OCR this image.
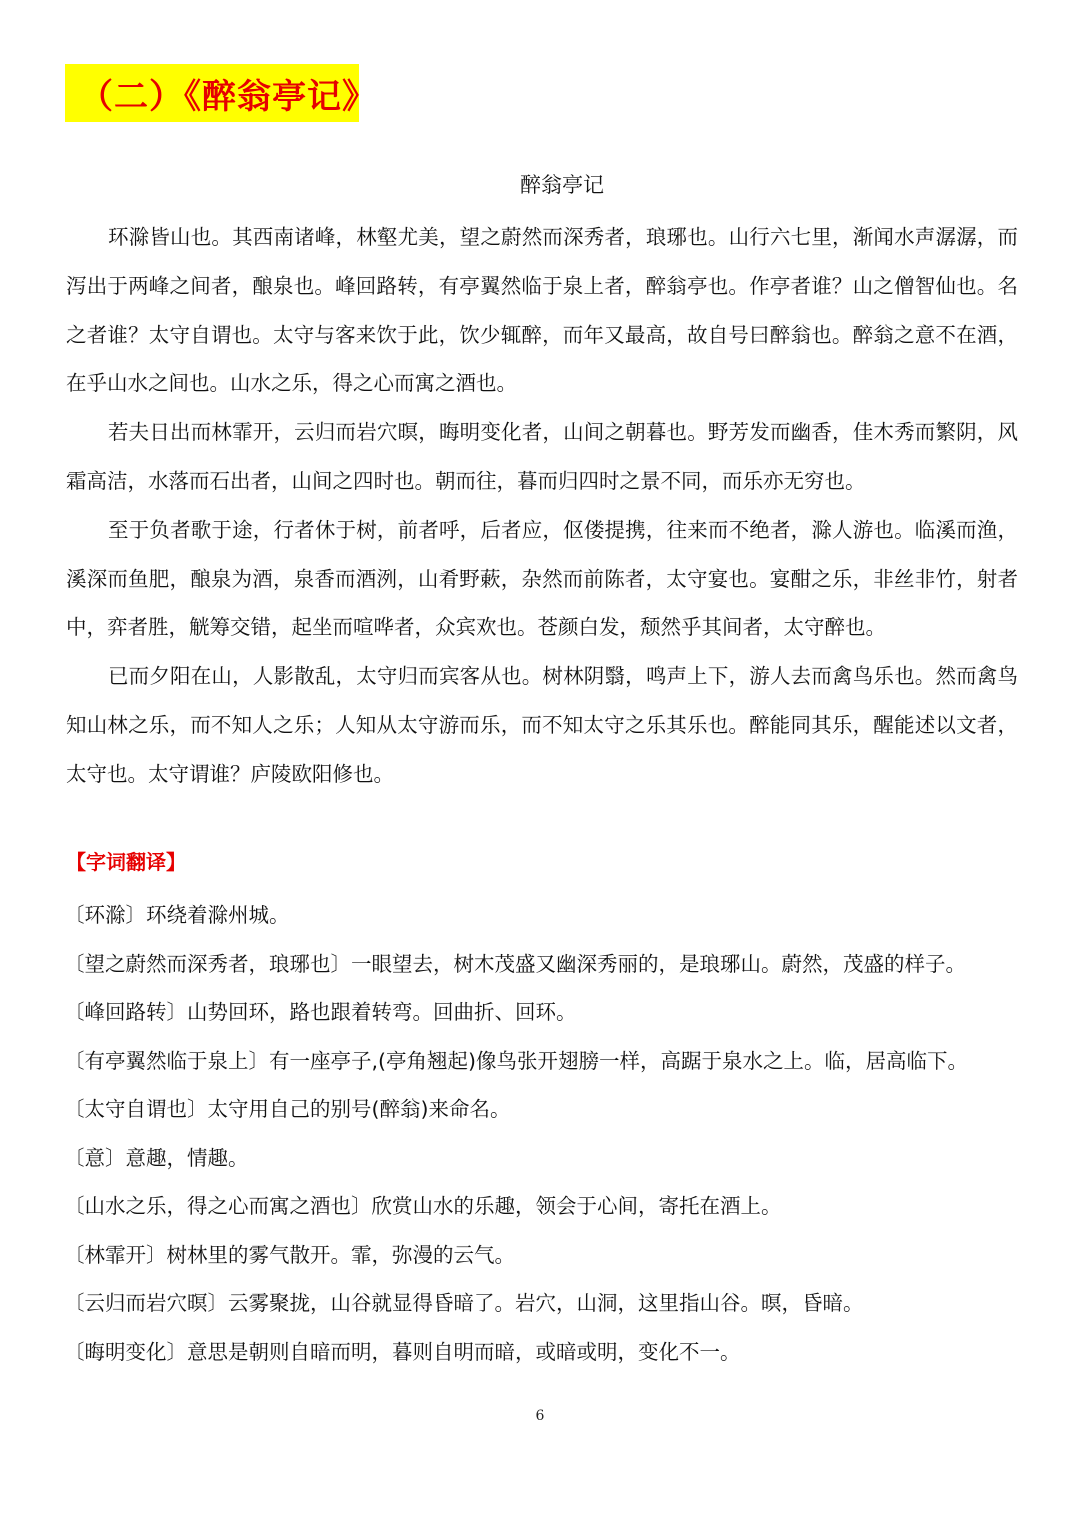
（二）《醉翁亭记》
醉翁亭记

环滁皆山也。其西南诸峰，林壑尤美，望之蔚然而深秀者，琅琊也。山行六七里，渐闻水声潺潺，而泻出于两峰之间者，酿泉也。峰回路转，有亭翼然临于泉上者，醉翁亭也。作亭者谁？山之僧智仙也。名之者谁？太守自谓也。太守与客来饮于此，饮少辄醉，而年又最高，故自号曰醉翁也。醉翁之意不在酒，在乎山水之间也。山水之乐，得之心而寓之酒也。

若夫日出而林霏开，云归而岩穴暝，晦明变化者，山间之朝暮也。野芳发而幽香，佳木秀而繁阴，风霜高洁，水落而石出者，山间之四时也。朝而往，暮而归四时之景不同，而乐亦无穷也。

至于负者歌于途，行者休于树，前者呼，后者应，伛偻提携，往来而不绝者，滁人游也。临溪而渔，溪深而鱼肥，酿泉为酒，泉香而酒洌，山肴野蔌，杂然而前陈者，太守宴也。宴酣之乐，非丝非竹，射者中，弈者胜，觥筹交错，起坐而喧哗者，众宾欢也。苍颜白发，颓然乎其间者，太守醉也。

已而夕阳在山，人影散乱，太守归而宾客从也。树林阴翳，鸣声上下，游人去而禽鸟乐也。然而禽鸟知山林之乐，而不知人之乐；人知从太守游而乐，而不知太守之乐其乐也。醉能同其乐，醒能述以文者，太守也。太守谓谁？庐陵欧阳修也。

【字词翻译】
〔环滁〕环绕着滁州城。
〔望之蔚然而深秀者，琅琊也〕一眼望去，树木茂盛又幽深秀丽的，是琅琊山。蔚然，茂盛的样子。
〔峰回路转〕山势回环，路也跟着转弯。回曲折、回环。
〔有亭翼然临于泉上〕有一座亭子,(亭角翘起)像鸟张开翅膀一样，高踞于泉水之上。临，居高临下。
〔太守自谓也〕太守用自己的别号(醉翁)来命名。
〔意〕意趣，情趣。
〔山水之乐，得之心而寓之酒也〕欣赏山水的乐趣，领会于心间，寄托在酒上。
〔林霏开〕树林里的雾气散开。霏，弥漫的云气。
〔云归而岩穴暝〕云雾聚拢，山谷就显得昏暗了。岩穴，山洞，这里指山谷。暝，昏暗。
〔晦明变化〕意思是朝则自暗而明，暮则自明而暗，或暗或明，变化不一。
6
